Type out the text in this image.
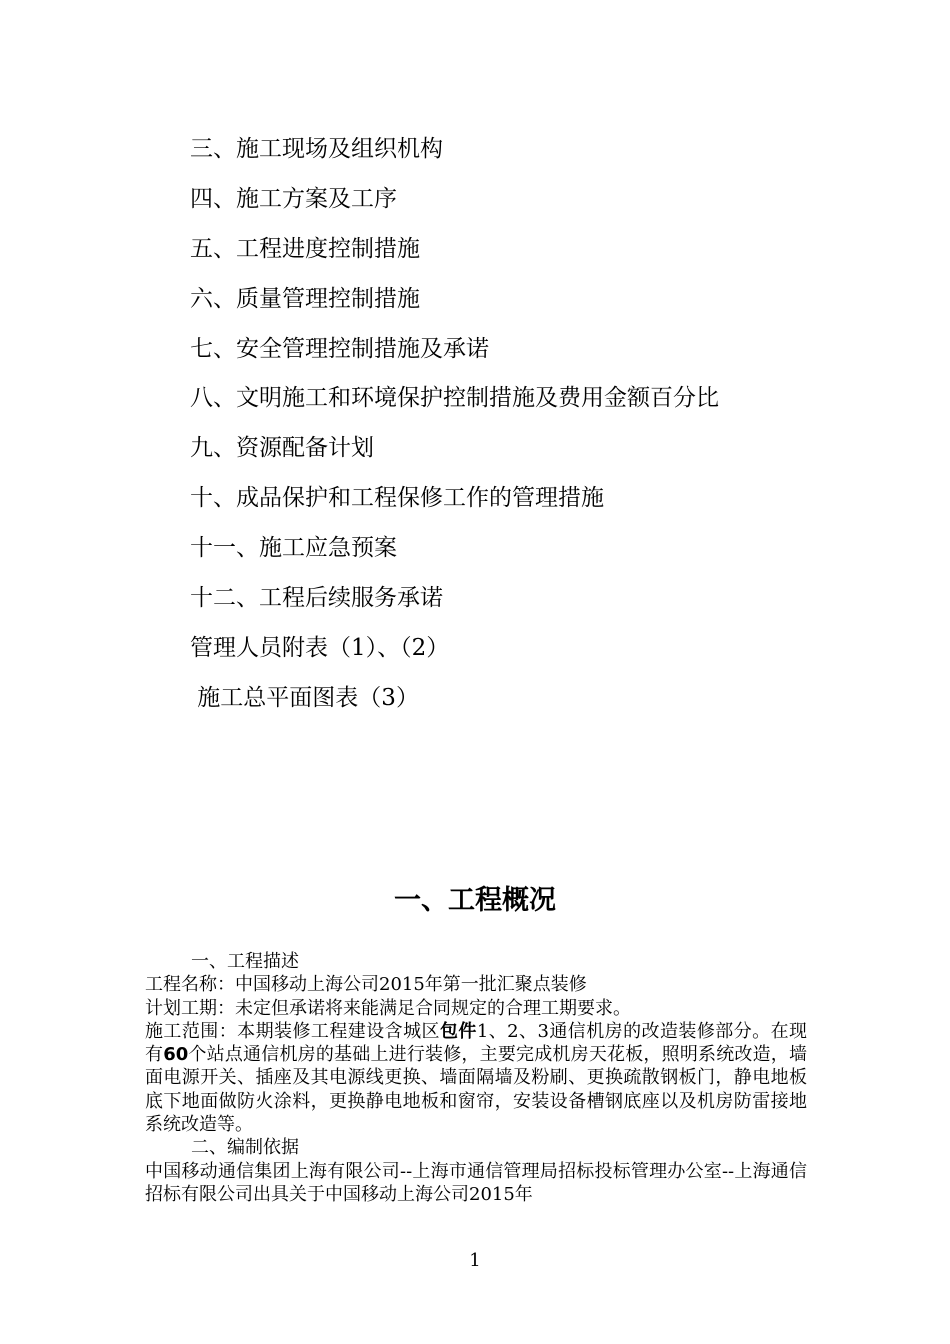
三、施工现场及组织机构
四、施工方案及工序
五、工程进度控制措施
六、质量管理控制措施
七、安全管理控制措施及承诺
八、文明施工和环境保护控制措施及费用金额百分比
九、资源配备计划
十、成品保护和工程保修工作的管理措施
十一、施工应急预案
十二、工程后续服务承诺
管理人员附表（1）、（2）
施工总平面图表（3）
一、工程概况

一、工程描述

工程名称：中国移动上海公司2015年第一批汇聚点装修

计划工期：未定但承诺将来能满足合同规定的合理工期要求。

施工范围：本期装修工程建设含城区包件1、2、3通信机房的改造装修部分。在现有60个站点通信机房的基础上进行装修，主要完成机房天花板，照明系统改造，墙面电源开关、插座及其电源线更换、墙面隔墙及粉刷、更换疏散钢板门，静电地板底下地面做防火涂料，更换静电地板和窗帘，安装设备槽钢底座以及机房防雷接地系统改造等。

二、编制依据

中国移动通信集团上海有限公司--上海市通信管理局招标投标管理办公室--上海通信招标有限公司出具关于中国移动上海公司2015年

1
